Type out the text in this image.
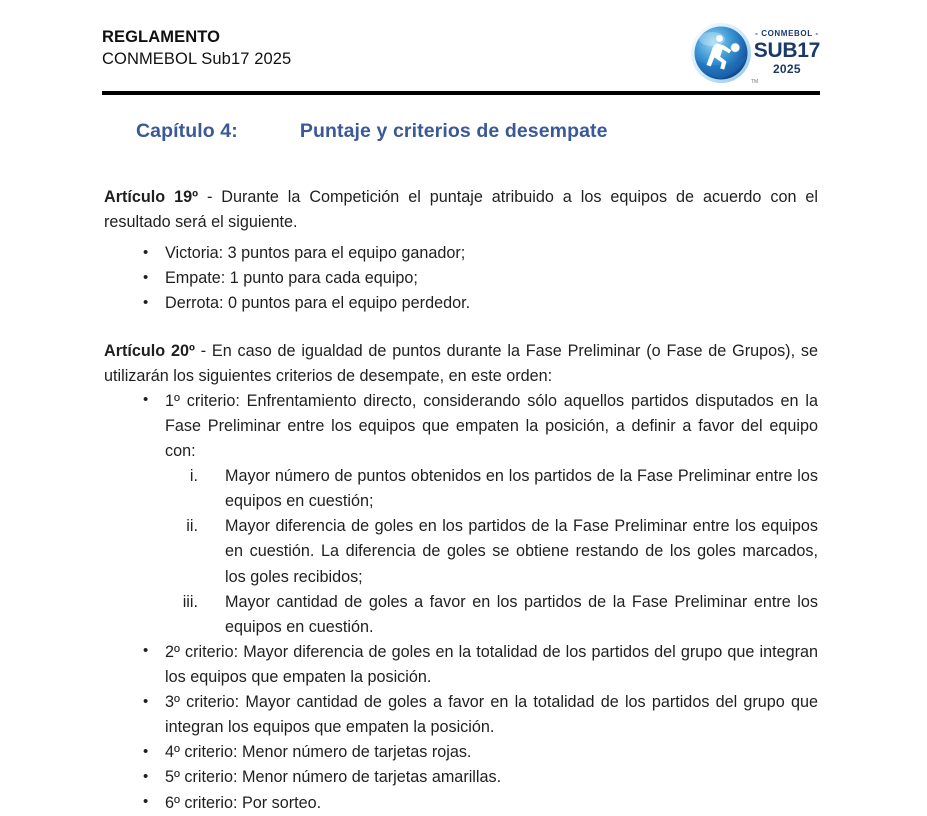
REGLAMENTO
CONMEBOL Sub17 2025
- CONMEBOL -
SUB17
2025
TM
Capítulo 4:	Puntaje y criterios de desempate

Artículo 19º - Durante la Competición el puntaje atribuido a los equipos de acuerdo con el resultado será el siguiente.

• Victoria: 3 puntos para el equipo ganador;
• Empate: 1 punto para cada equipo;
• Derrota: 0 puntos para el equipo perdedor.

Artículo 20º - En caso de igualdad de puntos durante la Fase Preliminar (o Fase de Grupos), se utilizarán los siguientes criterios de desempate, en este orden:

• 1º criterio: Enfrentamiento directo, considerando sólo aquellos partidos disputados en la Fase Preliminar entre los equipos que empaten la posición, a definir a favor del equipo con:
i. Mayor número de puntos obtenidos en los partidos de la Fase Preliminar entre los equipos en cuestión;
ii. Mayor diferencia de goles en los partidos de la Fase Preliminar entre los equipos en cuestión. La diferencia de goles se obtiene restando de los goles marcados, los goles recibidos;
iii. Mayor cantidad de goles a favor en los partidos de la Fase Preliminar entre los equipos en cuestión.
• 2º criterio: Mayor diferencia de goles en la totalidad de los partidos del grupo que integran los equipos que empaten la posición.
• 3º criterio: Mayor cantidad de goles a favor en la totalidad de los partidos del grupo que integran los equipos que empaten la posición.
• 4º criterio: Menor número de tarjetas rojas.
• 5º criterio: Menor número de tarjetas amarillas.
• 6º criterio: Por sorteo.
